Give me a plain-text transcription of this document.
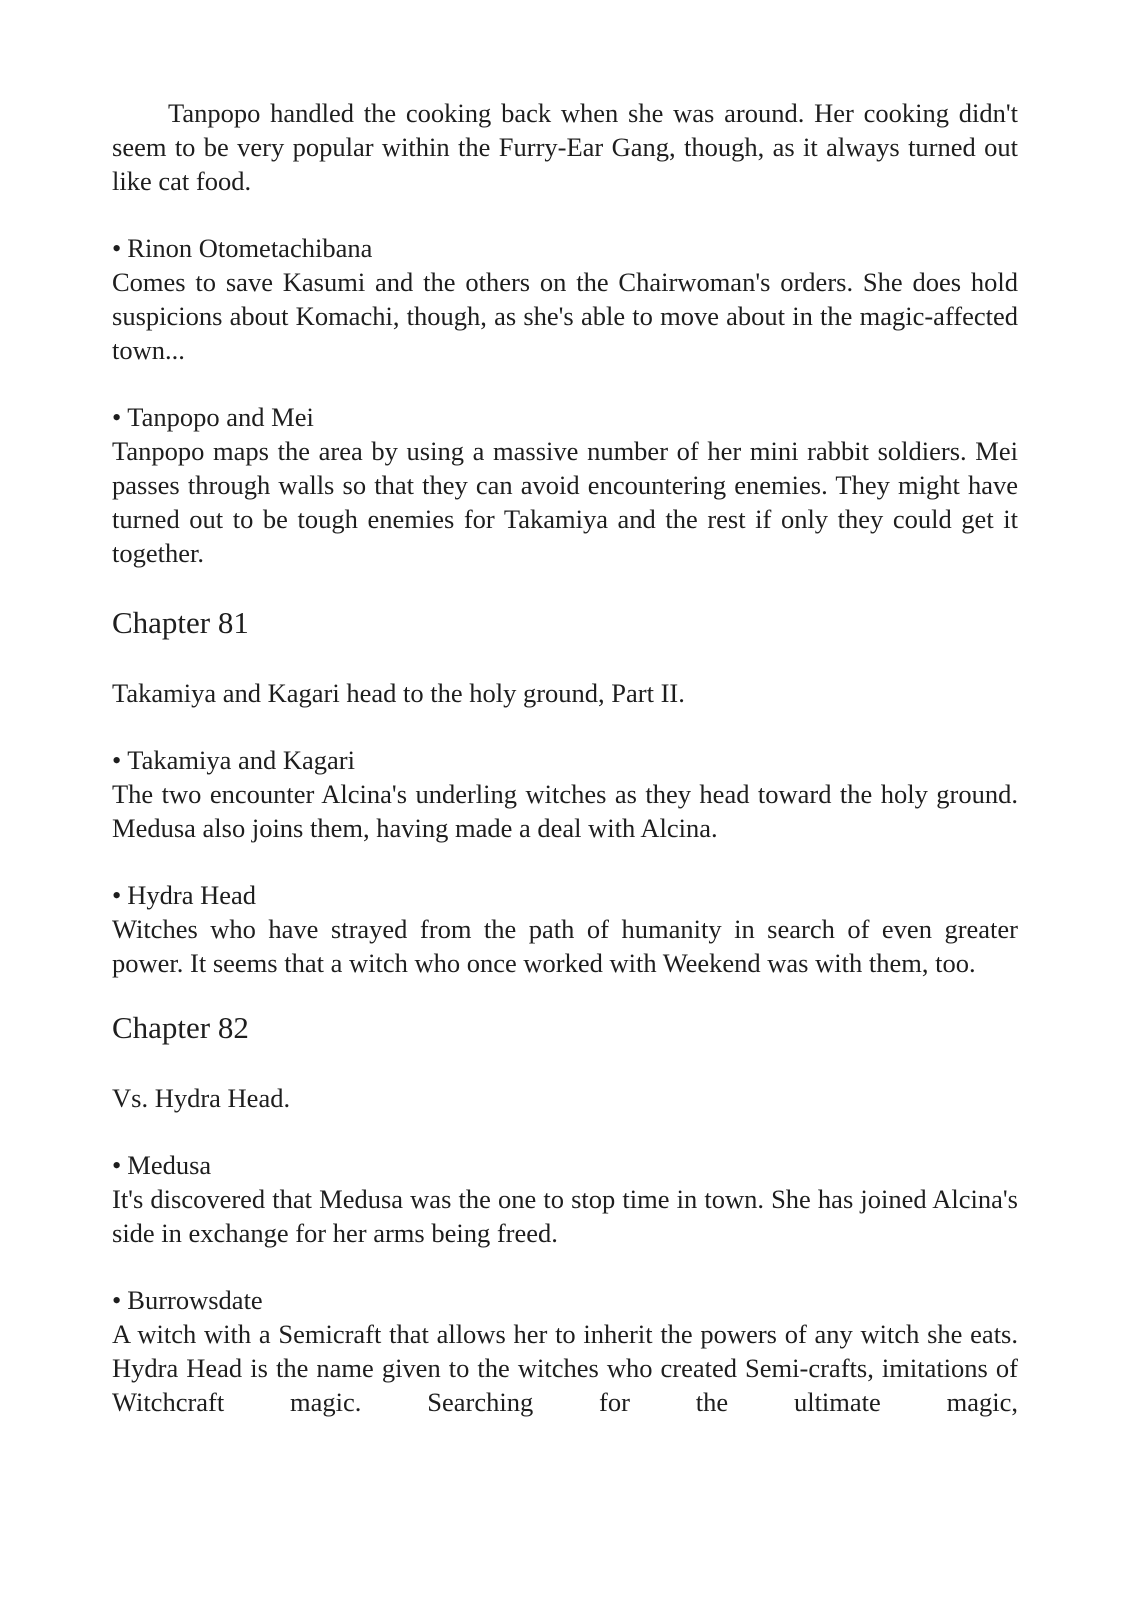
Tanpopo handled the cooking back when she was around. Her cooking didn't seem to be very popular within the Furry-Ear Gang, though, as it always turned out like cat food.

• Rinon Otometachibana

Comes to save Kasumi and the others on the Chairwoman's orders. She does hold suspicions about Komachi, though, as she's able to move about in the magic-affected town...

• Tanpopo and Mei

Tanpopo maps the area by using a massive number of her mini rabbit soldiers. Mei passes through walls so that they can avoid encountering enemies. They might have turned out to be tough enemies for Takamiya and the rest if only they could get it together.

Chapter 81

Takamiya and Kagari head to the holy ground, Part II.

• Takamiya and Kagari

The two encounter Alcina's underling witches as they head toward the holy ground. Medusa also joins them, having made a deal with Alcina.

• Hydra Head

Witches who have strayed from the path of humanity in search of even greater power. It seems that a witch who once worked with Weekend was with them, too.

Chapter 82

Vs. Hydra Head.

• Medusa

It's discovered that Medusa was the one to stop time in town. She has joined Alcina's side in exchange for her arms being freed.

• Burrowsdate

A witch with a Semicraft that allows her to inherit the powers of any witch she eats. Hydra Head is the name given to the witches who created Semi-crafts, imitations of Witchcraft magic. Searching for the ultimate magic,
